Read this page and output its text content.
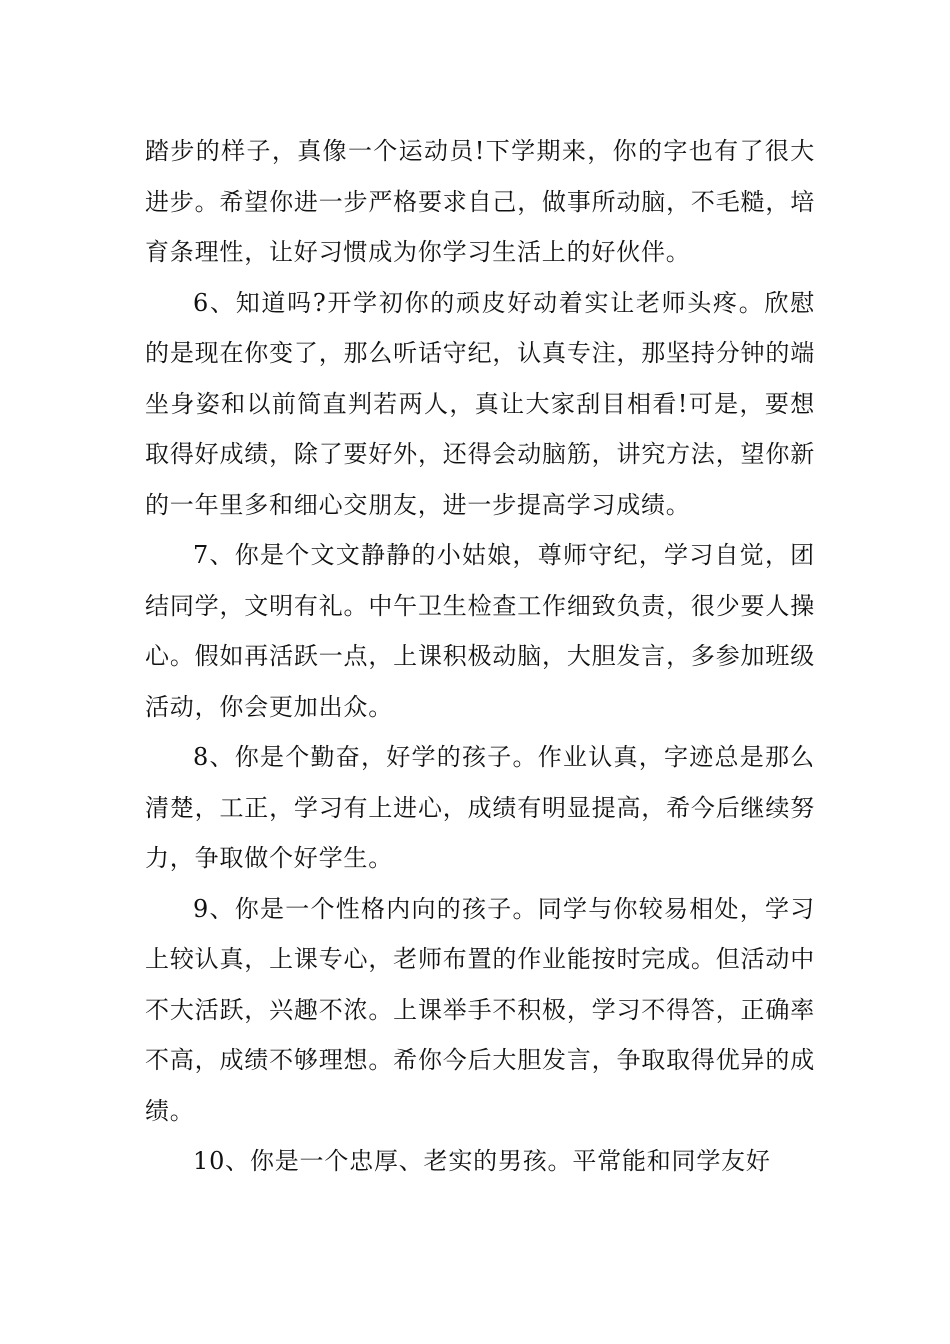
踏步的样子，真像一个运动员!下学期来，你的字也有了很大进步。希望你进一步严格要求自己，做事所动脑，不毛糙，培育条理性，让好习惯成为你学习生活上的好伙伴。

6、知道吗?开学初你的顽皮好动着实让老师头疼。欣慰的是现在你变了，那么听话守纪，认真专注，那坚持分钟的端坐身姿和以前简直判若两人，真让大家刮目相看!可是，要想取得好成绩，除了要好外，还得会动脑筋，讲究方法，望你新的一年里多和细心交朋友，进一步提高学习成绩。

7、你是个文文静静的小姑娘，尊师守纪，学习自觉，团结同学，文明有礼。中午卫生检查工作细致负责，很少要人操心。假如再活跃一点，上课积极动脑，大胆发言，多参加班级活动，你会更加出众。

8、你是个勤奋，好学的孩子。作业认真，字迹总是那么清楚，工正，学习有上进心，成绩有明显提高，希今后继续努力，争取做个好学生。

9、你是一个性格内向的孩子。同学与你较易相处，学习上较认真，上课专心，老师布置的作业能按时完成。但活动中不大活跃，兴趣不浓。上课举手不积极，学习不得答，正确率不高，成绩不够理想。希你今后大胆发言，争取取得优异的成绩。

10、你是一个忠厚、老实的男孩。平常能和同学友好
